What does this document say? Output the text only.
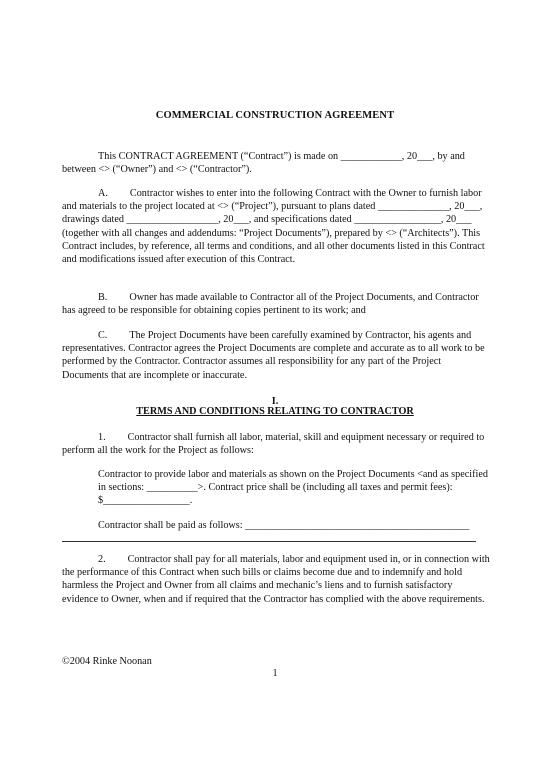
COMMERCIAL CONSTRUCTION AGREEMENT
This CONTRACT AGREEMENT (“Contract”) is made on ____________, 20___, by and between <> (“Owner”) and <> (“Contractor”).
A. Contractor wishes to enter into the following Contract with the Owner to furnish labor and materials to the project located at <> (“Project”), pursuant to plans dated ______________, 20___, drawings dated __________________, 20___, and specifications dated _________________, 20___ (together with all changes and addendums: “Project Documents”), prepared by <> (“Architects”). This Contract includes, by reference, all terms and conditions, and all other documents listed in this Contract and modifications issued after execution of this Contract.
B. Owner has made available to Contractor all of the Project Documents, and Contractor has agreed to be responsible for obtaining copies pertinent to its work; and
C. The Project Documents have been carefully examined by Contractor, his agents and representatives. Contractor agrees the Project Documents are complete and accurate as to all work to be performed by the Contractor. Contractor assumes all responsibility for any part of the Project Documents that are incomplete or inaccurate.
I.
TERMS AND CONDITIONS RELATING TO CONTRACTOR
1. Contractor shall furnish all labor, material, skill and equipment necessary or required to perform all the work for the Project as follows:
Contractor to provide labor and materials as shown on the Project Documents <and as specified in sections: __________>. Contract price shall be (including all taxes and permit fees): $_________________.
Contractor shall be paid as follows: ____________________________________________
2. Contractor shall pay for all materials, labor and equipment used in, or in connection with the performance of this Contract when such bills or claims become due and to indemnify and hold harmless the Project and Owner from all claims and mechanic’s liens and to furnish satisfactory evidence to Owner, when and if required that the Contractor has complied with the above requirements.
©2004 Rinke Noonan
1
